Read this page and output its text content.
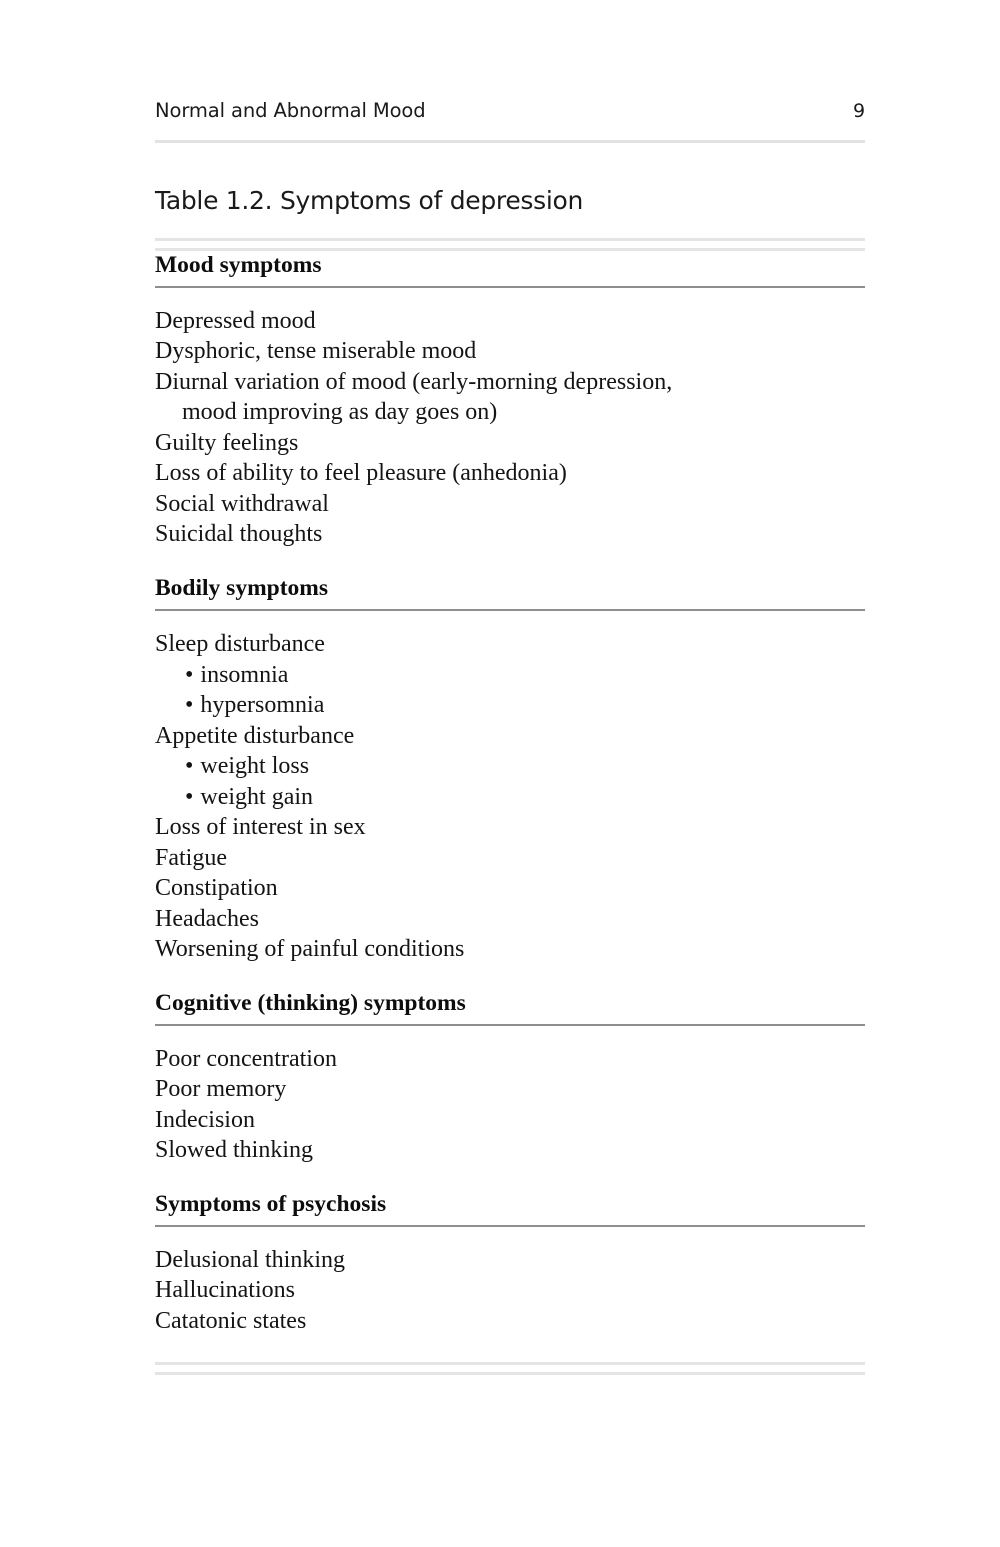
Normal and Abnormal Mood	9
Table 1.2. Symptoms of depression
Mood symptoms
Depressed mood
Dysphoric, tense miserable mood
Diurnal variation of mood (early-morning depression,
mood improving as day goes on)
Guilty feelings
Loss of ability to feel pleasure (anhedonia)
Social withdrawal
Suicidal thoughts
Bodily symptoms
Sleep disturbance
• insomnia
• hypersomnia
Appetite disturbance
• weight loss
• weight gain
Loss of interest in sex
Fatigue
Constipation
Headaches
Worsening of painful conditions
Cognitive (thinking) symptoms
Poor concentration
Poor memory
Indecision
Slowed thinking
Symptoms of psychosis
Delusional thinking
Hallucinations
Catatonic states
